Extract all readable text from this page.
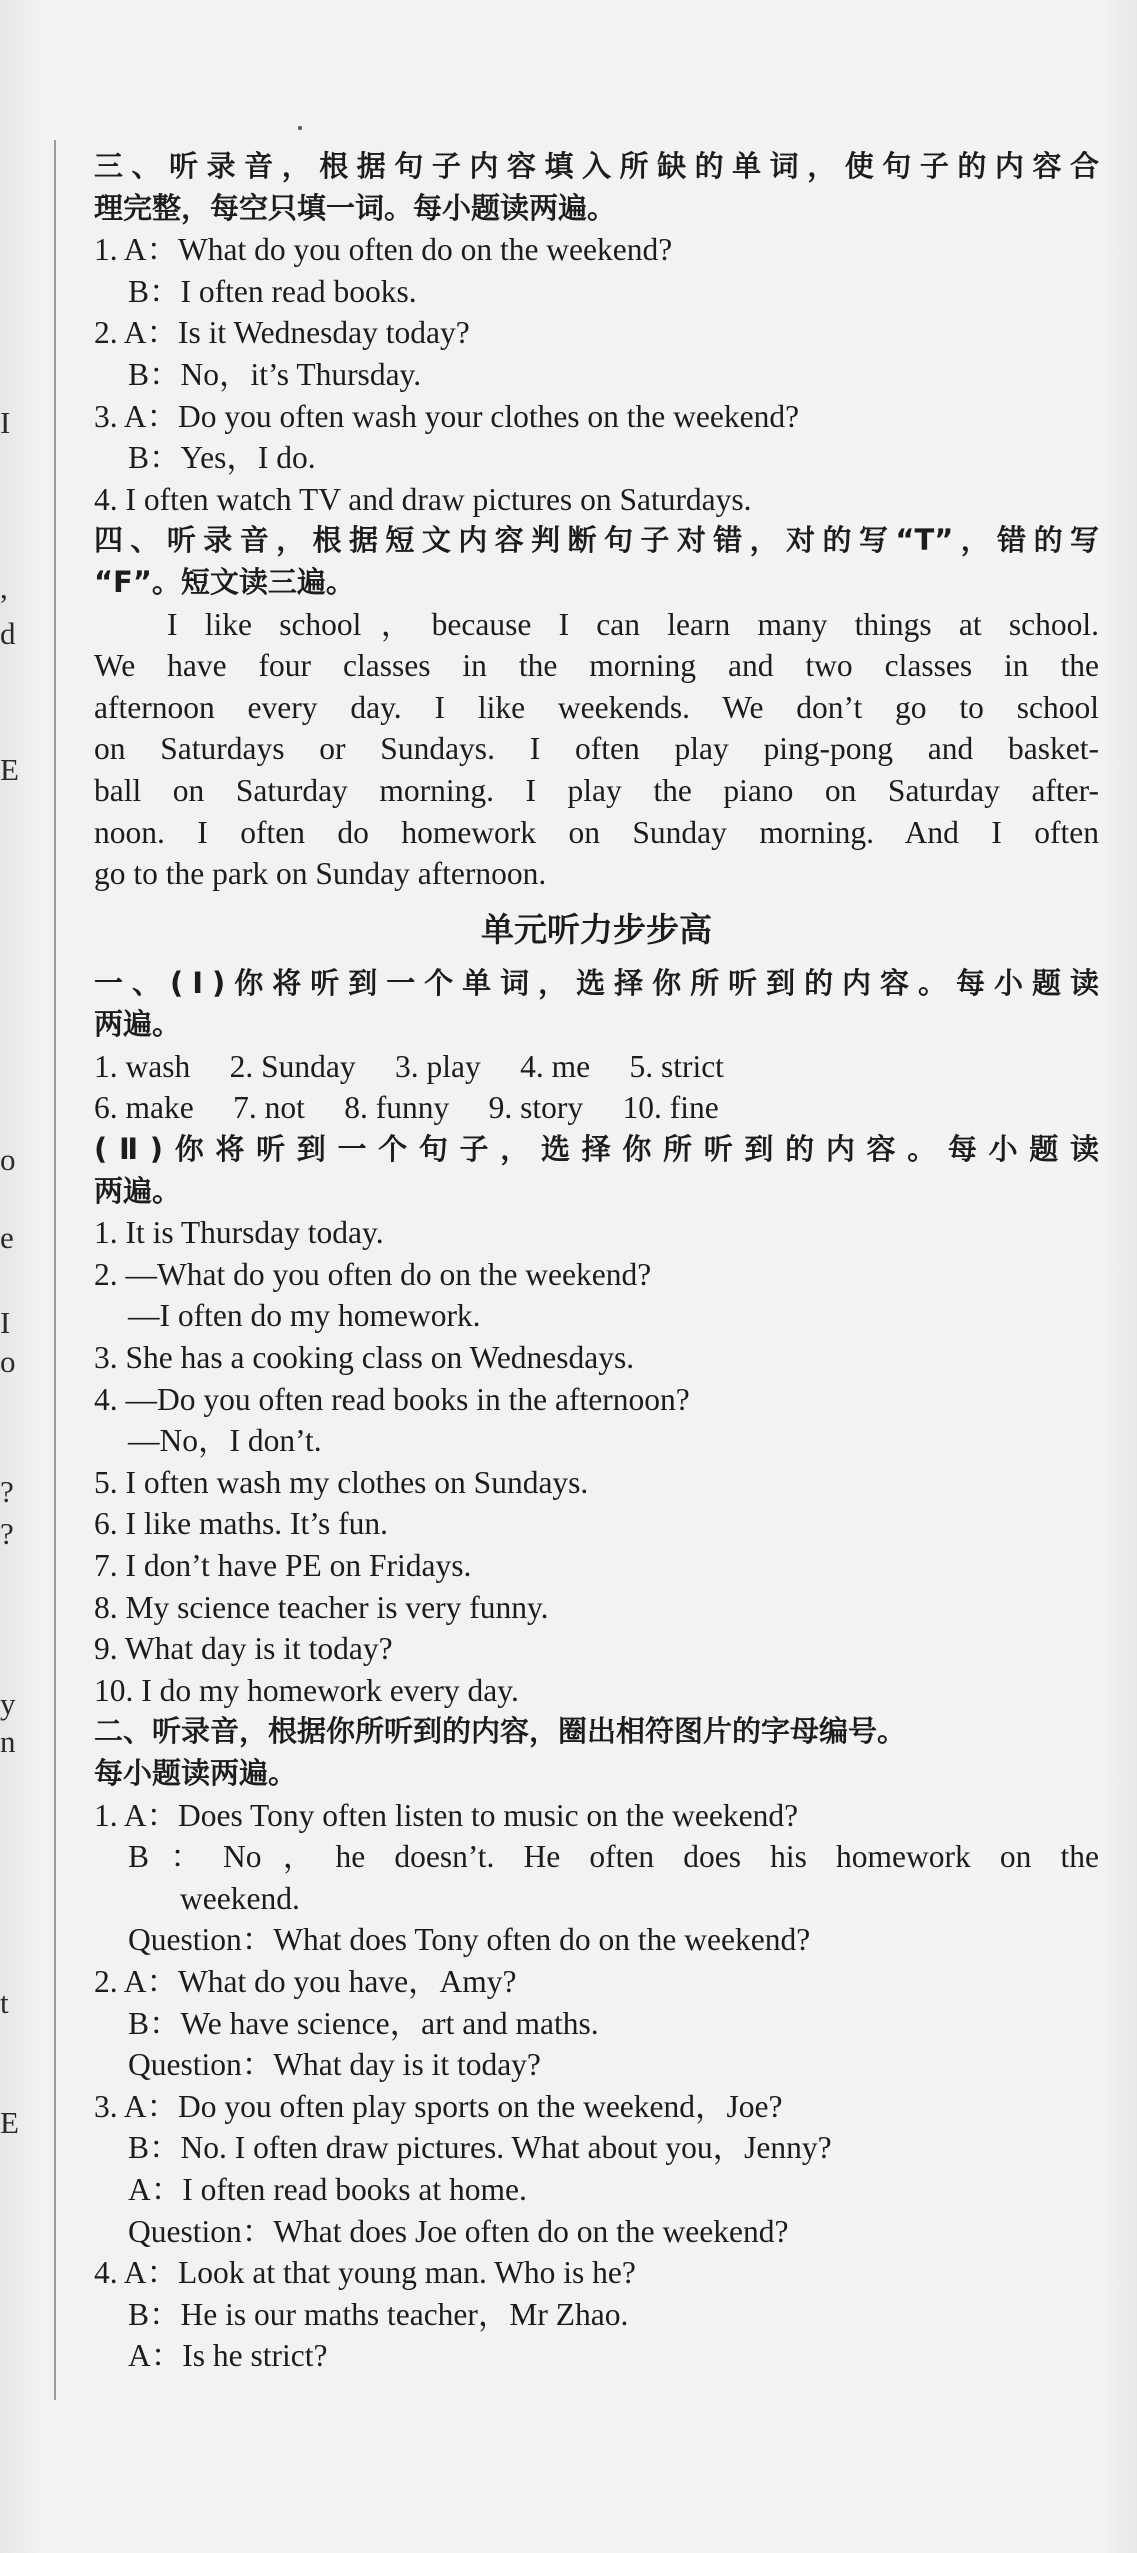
I
,
d
E
o
e
I
o
?
?
y
n
t
E
三、听录音，根据句子内容填入所缺的单词，使句子的内容合
理完整，每空只填一词。每小题读两遍。
1. A：What do you often do on the weekend?
B：I often read books.
2. A：Is it Wednesday today?
B：No，it’s Thursday.
3. A：Do you often wash your clothes on the weekend?
B：Yes，I do.
4. I often watch TV and draw pictures on Saturdays.
四、听录音，根据短文内容判断句子对错，对的写“T”，错的写
“F”。短文读三遍。
I like school，because I can learn many things at school.
We have four classes in the morning and two classes in the
afternoon every day. I like weekends. We don’t go to school
on Saturdays or Sundays. I often play ping-pong and basket-
ball on Saturday morning. I play the piano on Saturday after-
noon. I often do homework on Sunday morning. And I often
go to the park on Sunday afternoon.
单元听力步步高
一、(Ⅰ)你将听到一个单词，选择你所听到的内容。每小题读
两遍。
1. wash　 2. Sunday　 3. play　 4. me　 5. strict
6. make　 7. not　 8. funny　 9. story　 10. fine
(Ⅱ)你将听到一个句子，选择你所听到的内容。每小题读
两遍。
1. It is Thursday today.
2. —What do you often do on the weekend?
—I often do my homework.
3. She has a cooking class on Wednesdays.
4. —Do you often read books in the afternoon?
—No，I don’t.
5. I often wash my clothes on Sundays.
6. I like maths. It’s fun.
7. I don’t have PE on Fridays.
8. My science teacher is very funny.
9. What day is it today?
10. I do my homework every day.
二、听录音，根据你所听到的内容，圈出相符图片的字母编号。
每小题读两遍。
1. A：Does Tony often listen to music on the weekend?
B：No，he doesn’t. He often does his homework on the
weekend.
Question：What does Tony often do on the weekend?
2. A：What do you have，Amy?
B：We have science，art and maths.
Question：What day is it today?
3. A：Do you often play sports on the weekend，Joe?
B：No. I often draw pictures. What about you，Jenny?
A：I often read books at home.
Question：What does Joe often do on the weekend?
4. A：Look at that young man. Who is he?
B：He is our maths teacher，Mr Zhao.
A：Is he strict?
